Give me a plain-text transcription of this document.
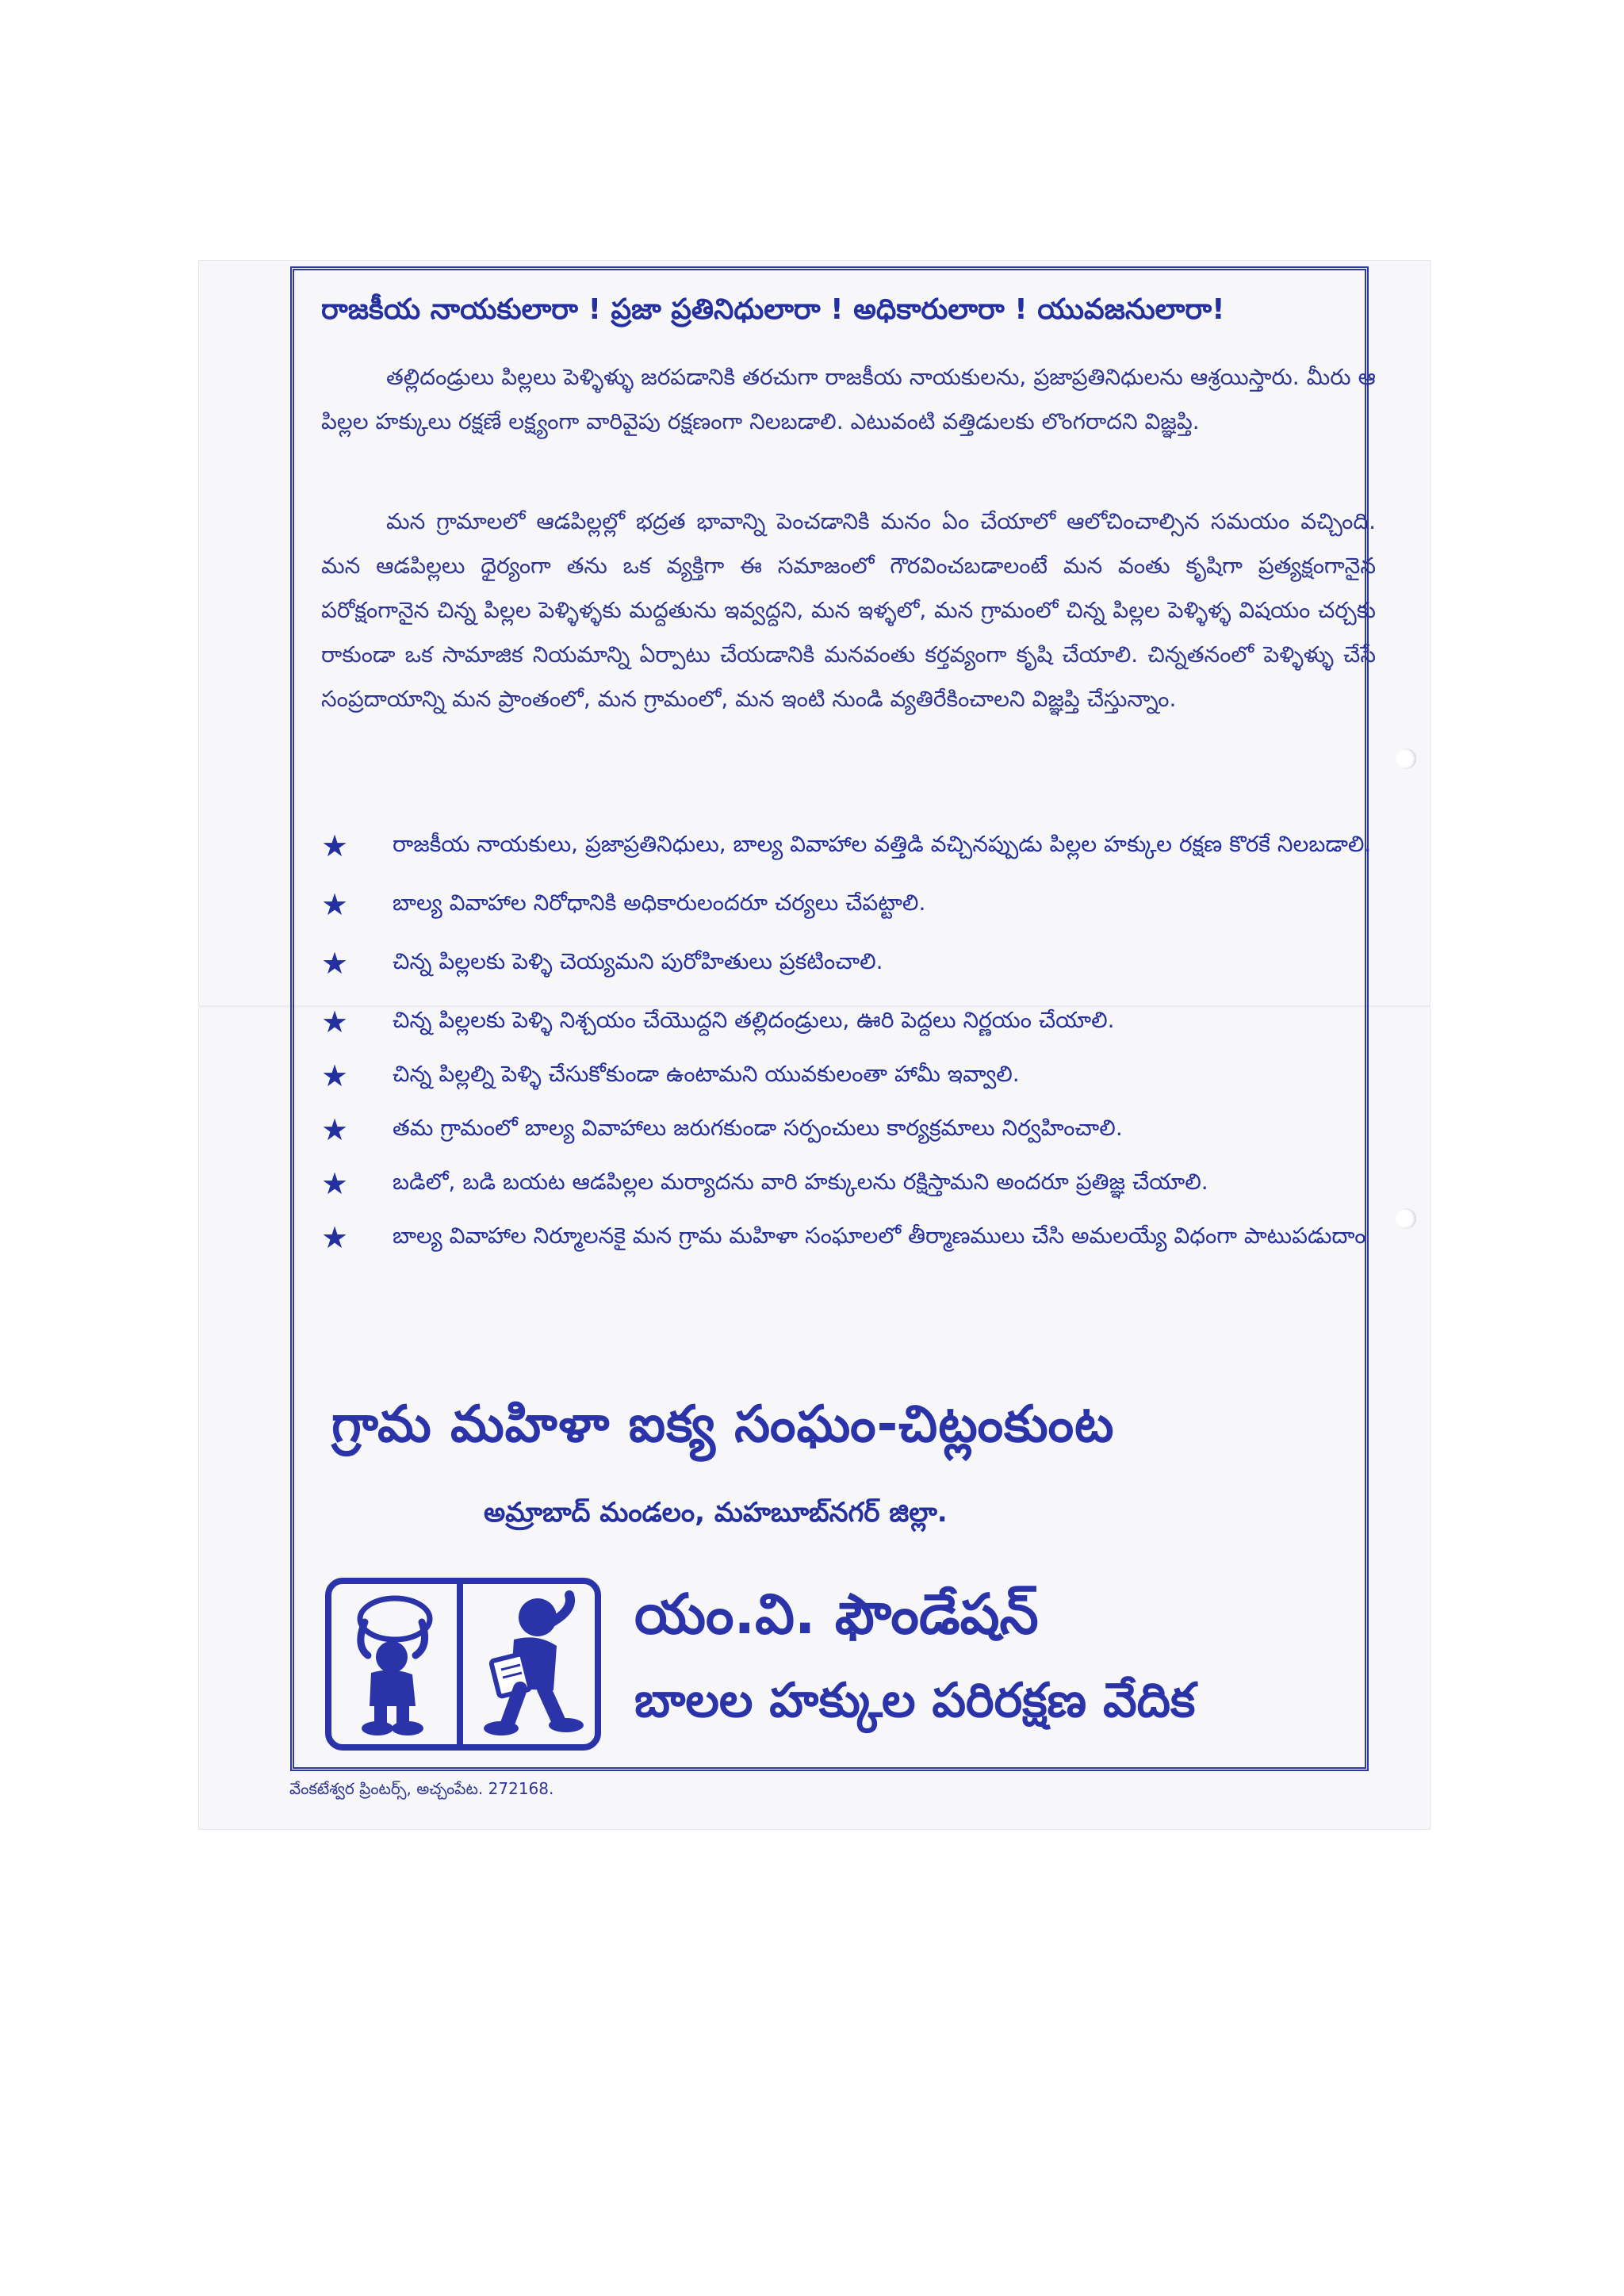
రాజకీయ నాయకులారా ! ప్రజా ప్రతినిధులారా ! అధికారులారా ! యువజనులారా!
తల్లిదండ్రులు పిల్లలు పెళ్ళిళ్ళు జరపడానికి తరచుగా రాజకీయ నాయకులను, ప్రజాప్రతినిధులను ఆశ్రయిస్తారు. మీరు ఆ పిల్లల హక్కులు రక్షణే లక్ష్యంగా వారివైపు రక్షణంగా నిలబడాలి. ఎటువంటి వత్తిడులకు లొంగరాదని విజ్ఞప్తి.
మన గ్రామాలలో ఆడపిల్లల్లో భద్రత భావాన్ని పెంచడానికి మనం ఏం చేయాలో ఆలోచించాల్సిన సమయం వచ్చింది. మన ఆడపిల్లలు ధైర్యంగా తను ఒక వ్యక్తిగా ఈ సమాజంలో గౌరవించబడాలంటే మన వంతు కృషిగా ప్రత్యక్షంగానైన పరోక్షంగానైన చిన్న పిల్లల పెళ్ళిళ్ళకు మద్దతును ఇవ్వద్దని, మన ఇళ్ళలో, మన గ్రామంలో చిన్న పిల్లల పెళ్ళిళ్ళ విషయం చర్చకు రాకుండా ఒక సామాజిక నియమాన్ని ఏర్పాటు చేయడానికి మనవంతు కర్తవ్యంగా కృషి చేయాలి. చిన్నతనంలో పెళ్ళిళ్ళు చేసే సంప్రదాయాన్ని మన ప్రాంతంలో, మన గ్రామంలో, మన ఇంటి నుండి వ్యతిరేకించాలని విజ్ఞప్తి చేస్తున్నాం.
★ రాజకీయ నాయకులు, ప్రజాప్రతినిధులు, బాల్య వివాహాల వత్తిడి వచ్చినప్పుడు పిల్లల హక్కుల రక్షణ కొరకే నిలబడాలి.
★ బాల్య వివాహాల నిరోధానికి అధికారులందరూ చర్యలు చేపట్టాలి.
★ చిన్న పిల్లలకు పెళ్ళి చెయ్యమని పురోహితులు ప్రకటించాలి.
★ చిన్న పిల్లలకు పెళ్ళి నిశ్చయం చేయొద్దని తల్లిదండ్రులు, ఊరి పెద్దలు నిర్ణయం చేయాలి.
★ చిన్న పిల్లల్ని పెళ్ళి చేసుకోకుండా ఉంటామని యువకులంతా హామీ ఇవ్వాలి.
★ తమ గ్రామంలో బాల్య వివాహాలు జరుగకుండా సర్పంచులు కార్యక్రమాలు నిర్వహించాలి.
★ బడిలో, బడి బయట ఆడపిల్లల మర్యాదను వారి హక్కులను రక్షిస్తామని అందరూ ప్రతిజ్ఞ చేయాలి.
★ బాల్య వివాహాల నిర్మూలనకై మన గ్రామ మహిళా సంఘాలలో తీర్మాణములు చేసి అమలయ్యే విధంగా పాటుపడుదాం
గ్రామ మహిళా ఐక్య సంఘం-చిట్లంకుంట
అమ్రాబాద్ మండలం, మహబూబ్‌నగర్ జిల్లా.
యం.వి. ఫౌండేషన్
బాలల హక్కుల పరిరక్షణ వేదిక
వేంకటేశ్వర ప్రింటర్స్, అచ్చంపేట. 272168.
